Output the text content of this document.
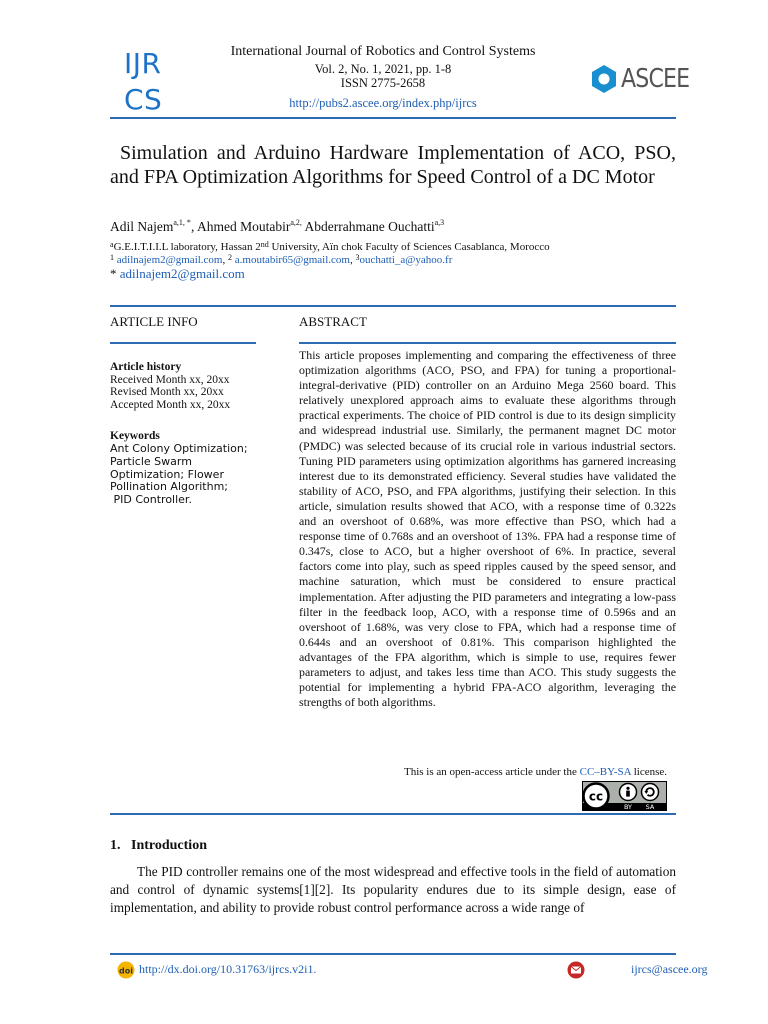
IJR
CS
International Journal of Robotics and Control Systems
Vol. 2, No. 1, 2021, pp. 1-8
ISSN 2775-2658
http://pubs2.ascee.org/index.php/ijrcs
ASCEE
Simulation and Arduino Hardware Implementation of ACO, PSO, and FPA Optimization Algorithms for Speed Control of a DC Motor
Adil Najem$^{a,1, *}$, Ahmed Moutabir$^{a,2,}$ Abderrahmane Ouchatti$^{a,3}$
$^a$G.E.I.T.I.I.L laboratory, Hassan 2nd University, Aïn chok Faculty of Sciences Casablanca, Morocco
$^1$ adilnajem2@gmail.com, $^2$ a.moutabir65@gmail.com, $^3$ouchatti_a@yahoo.fr
* adilnajem2@gmail.com
ARTICLE INFO	ABSTRACT
Article history
Received Month xx, 20xx
Revised Month xx, 20xx
Accepted Month xx, 20xx
Keywords
Ant Colony Optimization;
Particle Swarm
Optimization; Flower
Pollination Algorithm;
PID Controller.
This article proposes implementing and comparing the effectiveness of three optimization algorithms (ACO, PSO, and FPA) for tuning a proportional-integral-derivative (PID) controller on an Arduino Mega 2560 board. This relatively unexplored approach aims to evaluate these algorithms through practical experiments. The choice of PID control is due to its design simplicity and widespread industrial use. Similarly, the permanent magnet DC motor (PMDC) was selected because of its crucial role in various industrial sectors. Tuning PID parameters using optimization algorithms has garnered increasing interest due to its demonstrated efficiency. Several studies have validated the stability of ACO, PSO, and FPA algorithms, justifying their selection. In this article, simulation results showed that ACO, with a response time of 0.322s and an overshoot of 0.68%, was more effective than PSO, which had a response time of 0.768s and an overshoot of 13%. FPA had a response time of 0.347s, close to ACO, but a higher overshoot of 6%. In practice, several factors come into play, such as speed ripples caused by the speed sensor, and machine saturation, which must be considered to ensure practical implementation. After adjusting the PID parameters and integrating a low-pass filter in the feedback loop, ACO, with a response time of 0.596s and an overshoot of 1.68%, was very close to FPA, which had a response time of 0.644s and an overshoot of 0.81%. This comparison highlighted the advantages of the FPA algorithm, which is simple to use, requires fewer parameters to adjust, and takes less time than ACO. This study suggests the potential for implementing a hybrid FPA-ACO algorithm, leveraging the strengths of both algorithms.
This is an open-access article under the CC–BY-SA license.
cc
BY SA
1. Introduction
The PID controller remains one of the most widespread and effective tools in the field of automation and control of dynamic systems[1][2]. Its popularity endures due to its simple design, ease of implementation, and ability to provide robust control performance across a wide range of
doi http://dx.doi.org/10.31763/ijrcs.v2i1.	ijrcs@ascee.org
